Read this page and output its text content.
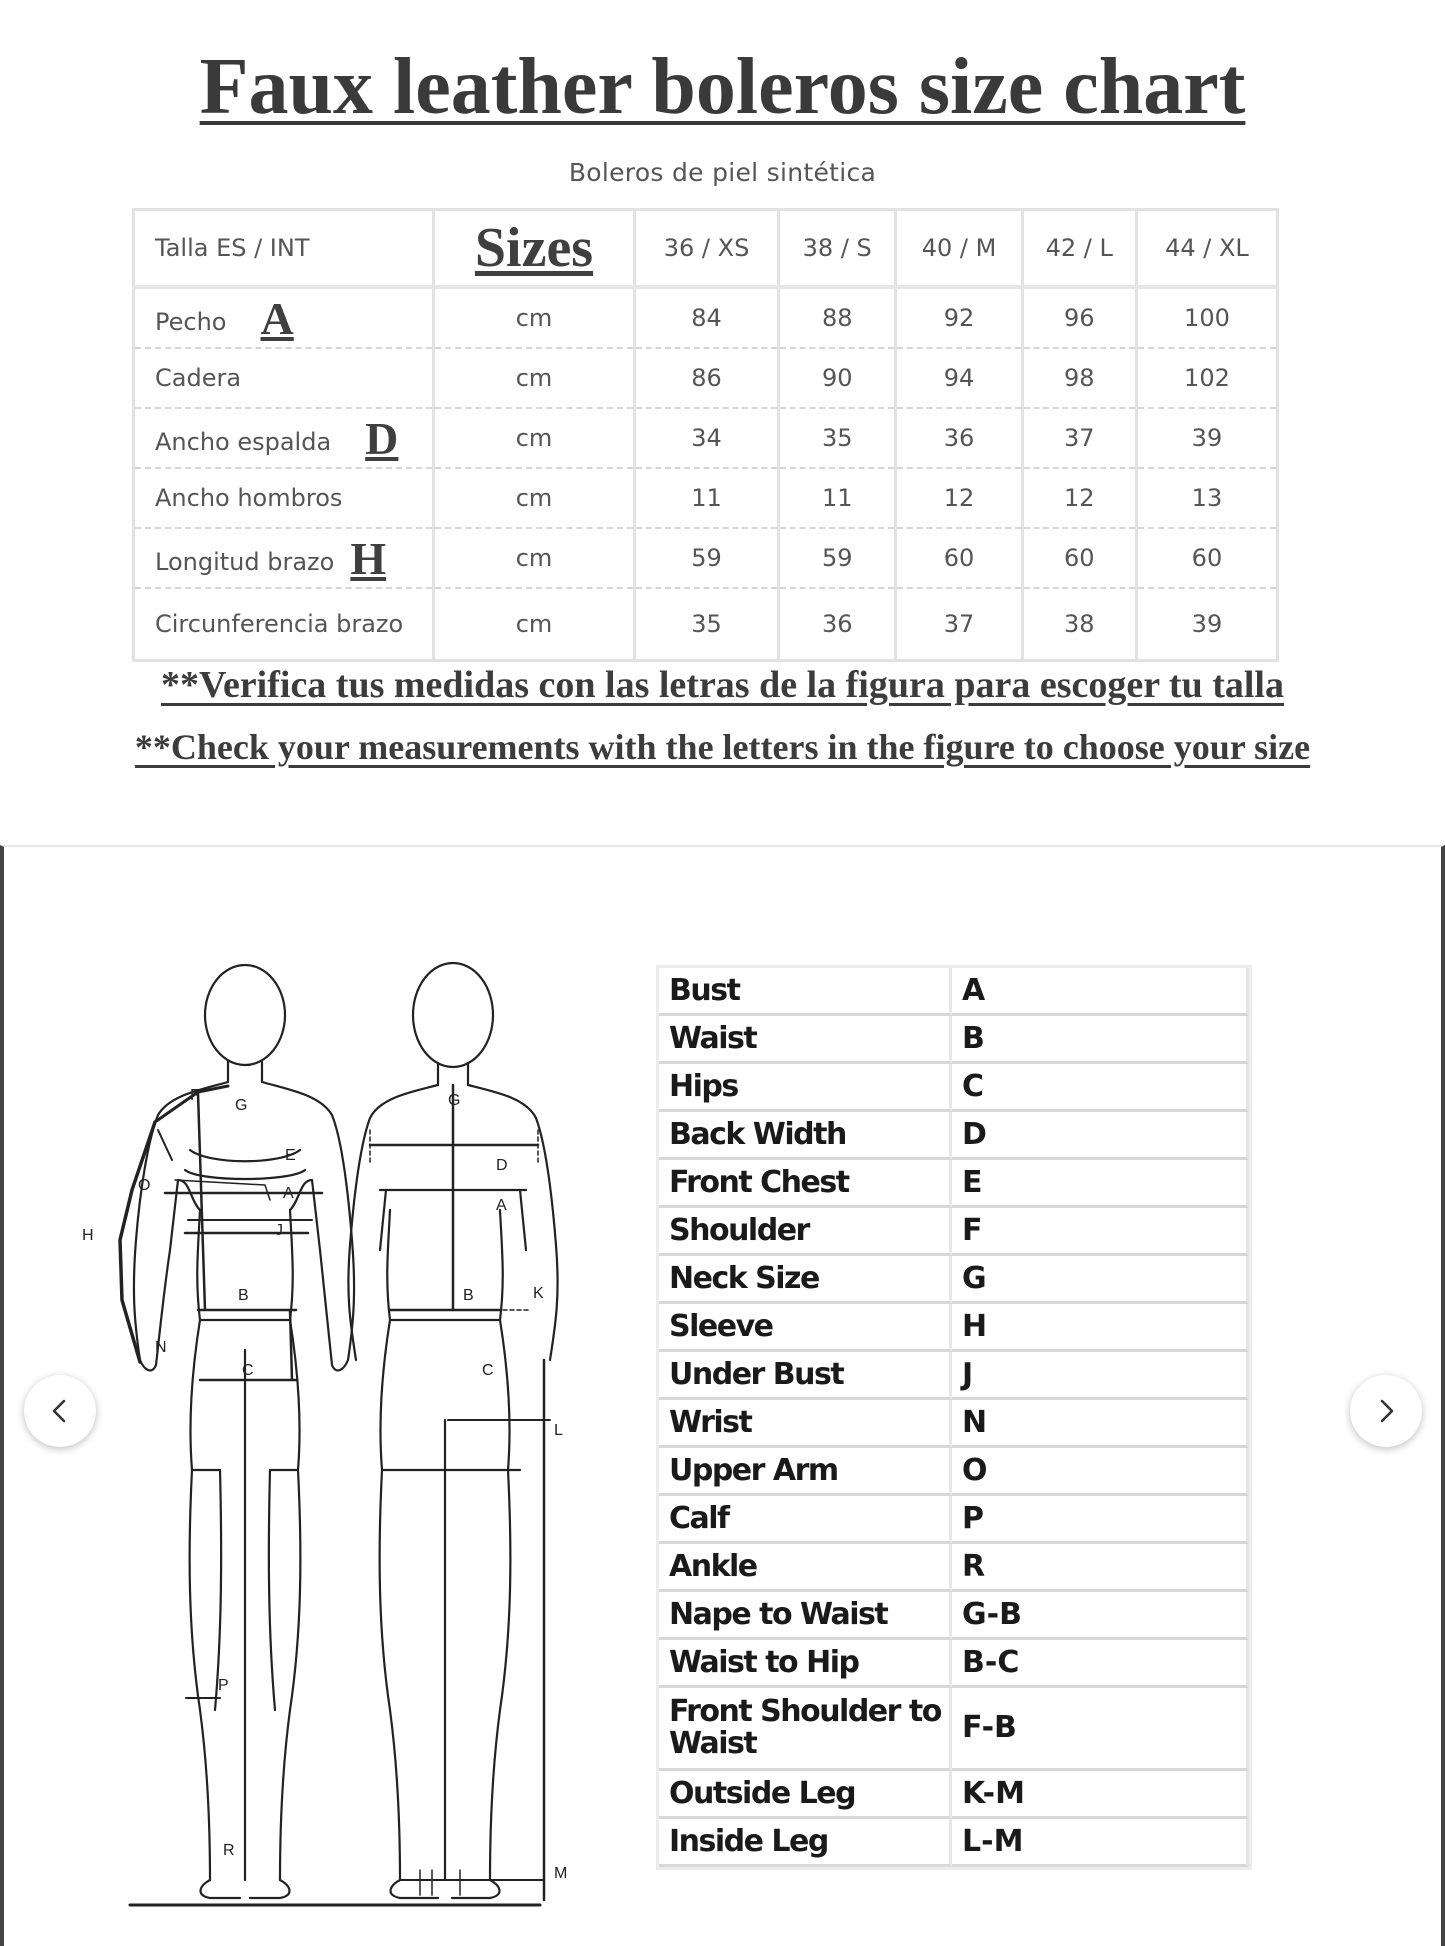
Faux leather boleros size chart
Boleros de piel sintética
Talla ES / INT	Sizes	36 / XS	38 / S	40 / M	42 / L	44 / XL
Pecho A	cm	84	88	92	96	100
Cadera	cm	86	90	94	98	102
Ancho espalda D	cm	34	35	36	37	39
Ancho hombros	cm	11	11	12	12	13
Longitud brazo H	cm	59	59	60	60	60
Circunferencia brazo	cm	35	36	37	38	39
**Verifica tus medidas con las letras de la figura para escoger tu talla
**Check your measurements with the letters in the figure to choose your size
F
G
E
O	A
H	J
B
N
C
P
R
D
A
G
B	K
C
L
M
Bust	A
Waist	B
Hips	C
Back Width	D
Front Chest	E
Shoulder	F
Neck Size	G
Sleeve	H
Under Bust	J
Wrist	N
Upper Arm	O
Calf	P
Ankle	R
Nape to Waist	G-B
Waist to Hip	B-C
Front Shoulder to Waist	F-B
Outside Leg	K-M
Inside Leg	L-M
